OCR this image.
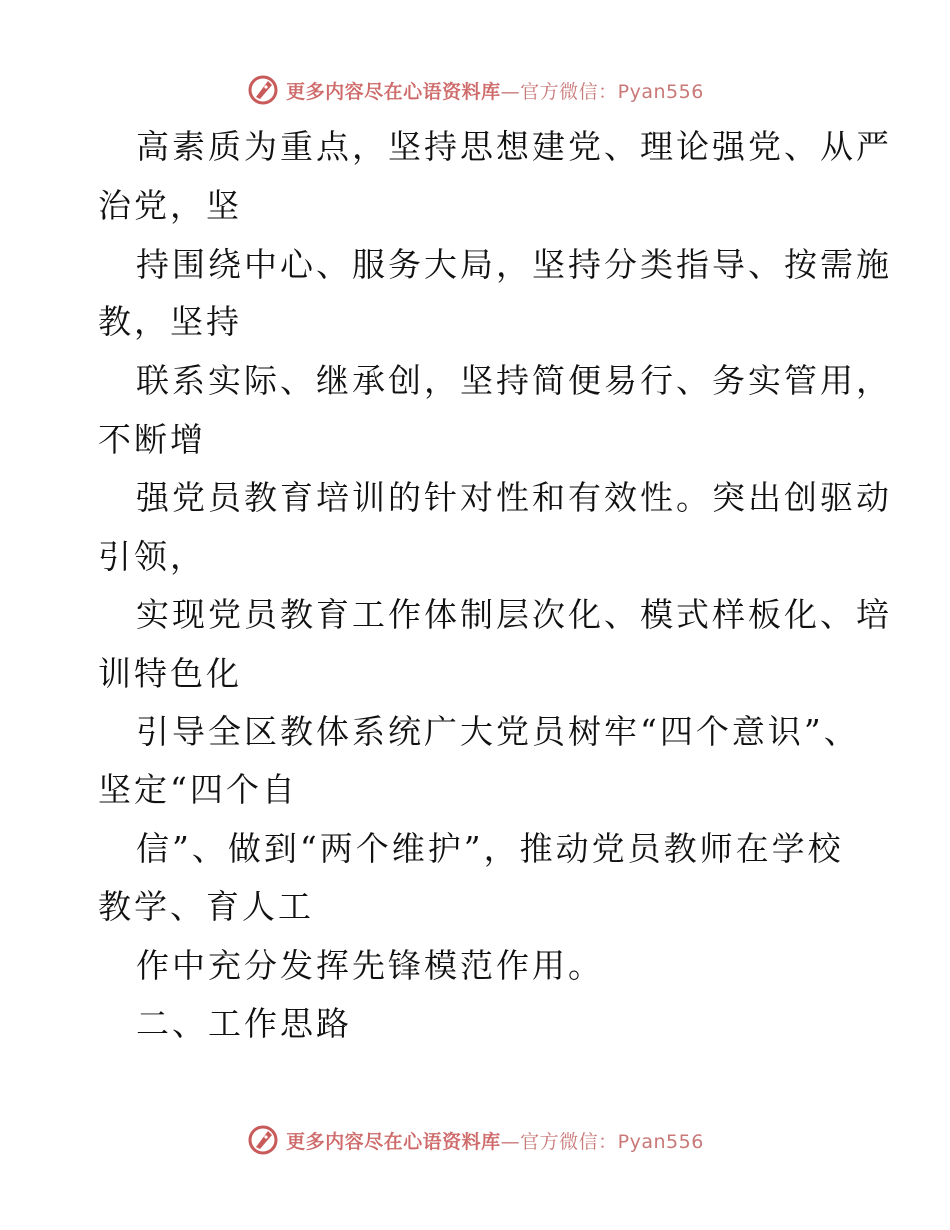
更多内容尽在心语资料库—官方微信：Pyan556
高素质为重点，坚持思想建党、理论强党、从严
治党，坚
持围绕中心、服务大局，坚持分类指导、按需施
教，坚持
联系实际、继承创，坚持简便易行、务实管用，
不断增
强党员教育培训的针对性和有效性。突出创驱动
引领，
实现党员教育工作体制层次化、模式样板化、培
训特色化
引导全区教体系统广大党员树牢“四个意识”、
坚定“四个自
信”、做到“两个维护”，推动党员教师在学校
教学、育人工
作中充分发挥先锋模范作用。
二、工作思路
更多内容尽在心语资料库—官方微信：Pyan556
